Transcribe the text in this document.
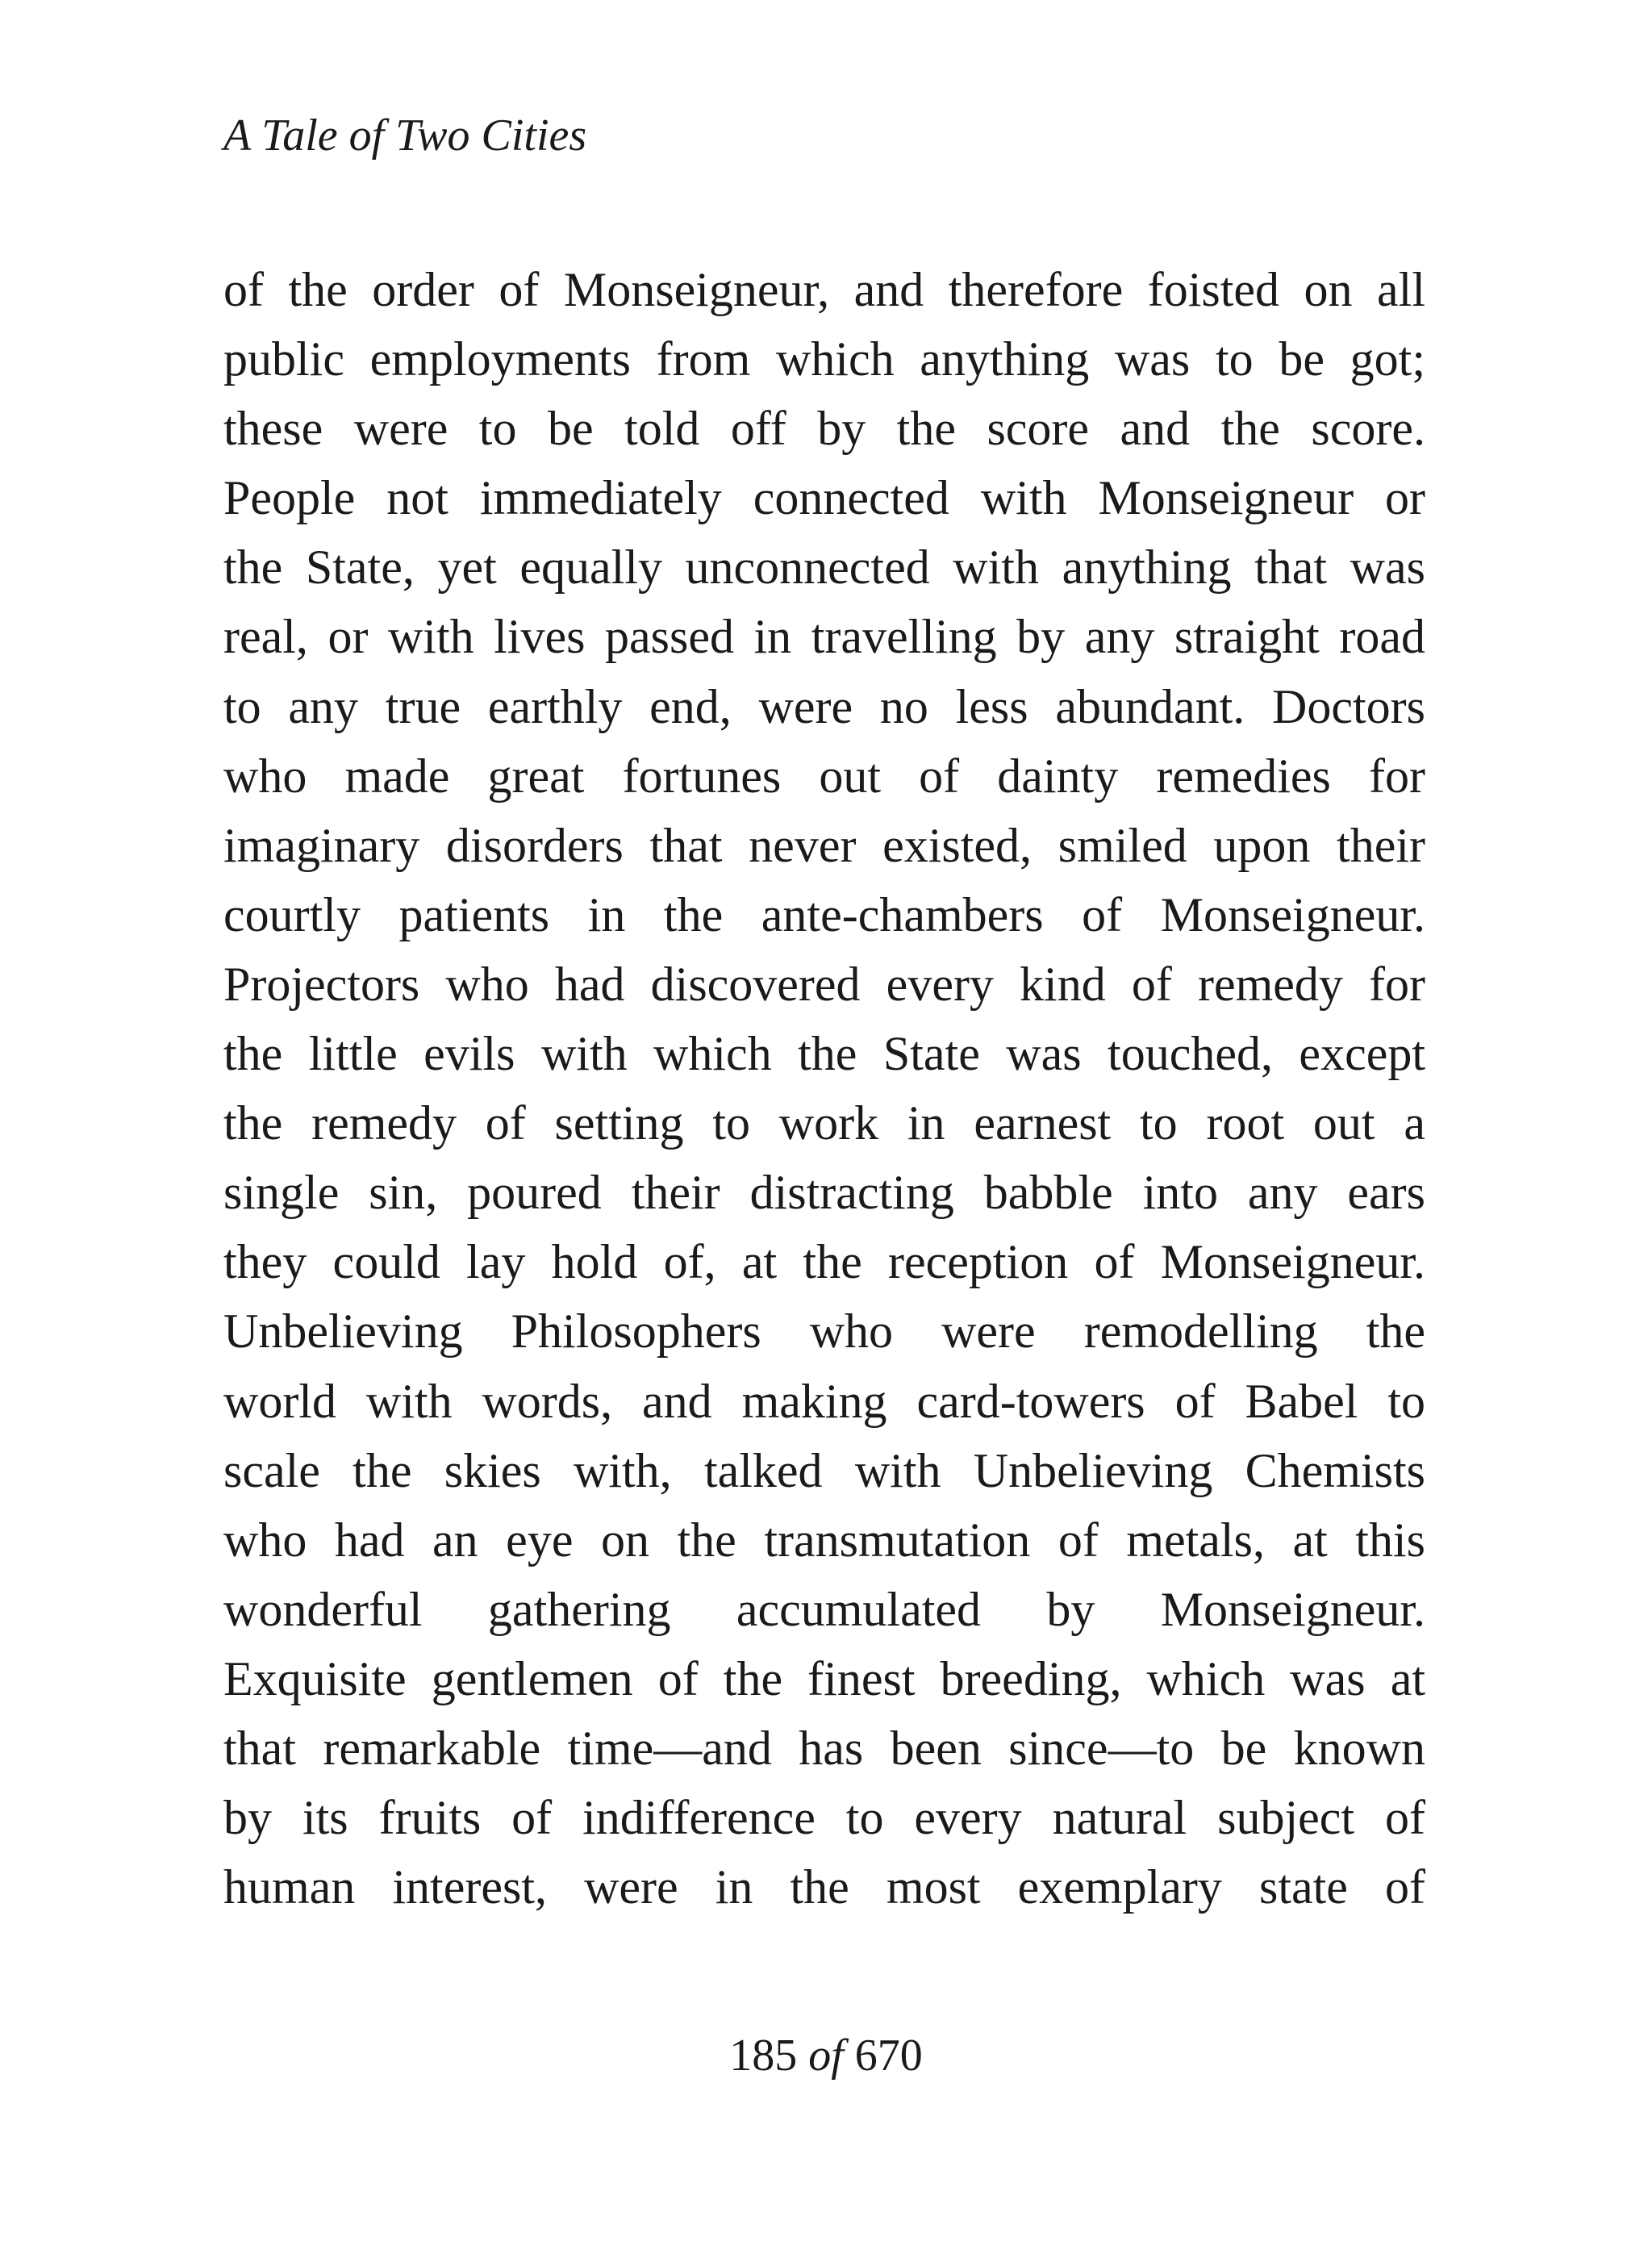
A Tale of Two Cities
of the order of Monseigneur, and therefore foisted on all
public employments from which anything was to be got;
these were to be told off by the score and the score.
People not immediately connected with Monseigneur or
the State, yet equally unconnected with anything that was
real, or with lives passed in travelling by any straight road
to any true earthly end, were no less abundant. Doctors
who made great fortunes out of dainty remedies for
imaginary disorders that never existed, smiled upon their
courtly patients in the ante-chambers of Monseigneur.
Projectors who had discovered every kind of remedy for
the little evils with which the State was touched, except
the remedy of setting to work in earnest to root out a
single sin, poured their distracting babble into any ears
they could lay hold of, at the reception of Monseigneur.
Unbelieving Philosophers who were remodelling the
world with words, and making card-towers of Babel to
scale the skies with, talked with Unbelieving Chemists
who had an eye on the transmutation of metals, at this
wonderful gathering accumulated by Monseigneur.
Exquisite gentlemen of the finest breeding, which was at
that remarkable time—and has been since—to be known
by its fruits of indifference to every natural subject of
human interest, were in the most exemplary state of
185 of 670
